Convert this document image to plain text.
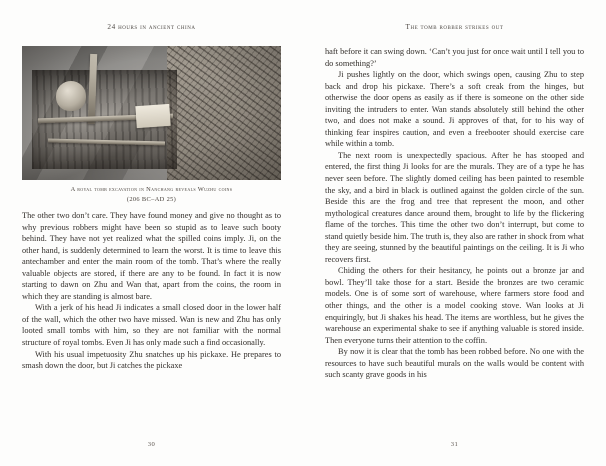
24 hours in ancient china
A royal tomb excavation in Nanchang reveals Wuzhu coins
(206 BC–AD 25)

The other two don’t care. They have found money and give no thought as to why previous robbers might have been so stupid as to leave such booty behind. They have not yet realized what the spilled coins imply. Ji, on the other hand, is suddenly determined to learn the worst. It is time to leave this antechamber and enter the main room of the tomb. That’s where the really valuable objects are stored, if there are any to be found. In fact it is now starting to dawn on Zhu and Wan that, apart from the coins, the room in which they are standing is almost bare.

With a jerk of his head Ji indicates a small closed door in the lower half of the wall, which the other two have missed. Wan is new and Zhu has only looted small tombs with him, so they are not familiar with the normal structure of royal tombs. Even Ji has only made such a find occasionally.

With his usual impetuosity Zhu snatches up his pickaxe. He prepares to smash down the door, but Ji catches the pickaxe

30
The tomb robber strikes out

haft before it can swing down. ‘Can’t you just for once wait until I tell you to do something?’

Ji pushes lightly on the door, which swings open, causing Zhu to step back and drop his pickaxe. There’s a soft creak from the hinges, but otherwise the door opens as easily as if there is someone on the other side inviting the intruders to enter. Wan stands absolutely still behind the other two, and does not make a sound. Ji approves of that, for to his way of thinking fear inspires caution, and even a freebooter should exercise care while within a tomb.

The next room is unexpectedly spacious. After he has stooped and entered, the first thing Ji looks for are the murals. They are of a type he has never seen before. The slightly domed ceiling has been painted to resemble the sky, and a bird in black is outlined against the golden circle of the sun. Beside this are the frog and tree that represent the moon, and other mythological creatures dance around them, brought to life by the flickering flame of the torches. This time the other two don’t interrupt, but come to stand quietly beside him. The truth is, they also are rather in shock from what they are seeing, stunned by the beautiful paintings on the ceiling. It is Ji who recovers first.

Chiding the others for their hesitancy, he points out a bronze jar and bowl. They’ll take those for a start. Beside the bronzes are two ceramic models. One is of some sort of warehouse, where farmers store food and other things, and the other is a model cooking stove. Wan looks at Ji enquiringly, but Ji shakes his head. The items are worthless, but he gives the warehouse an experimental shake to see if anything valuable is stored inside. Then everyone turns their attention to the coffin.

By now it is clear that the tomb has been robbed before. No one with the resources to have such beautiful murals on the walls would be content with such scanty grave goods in his

31
